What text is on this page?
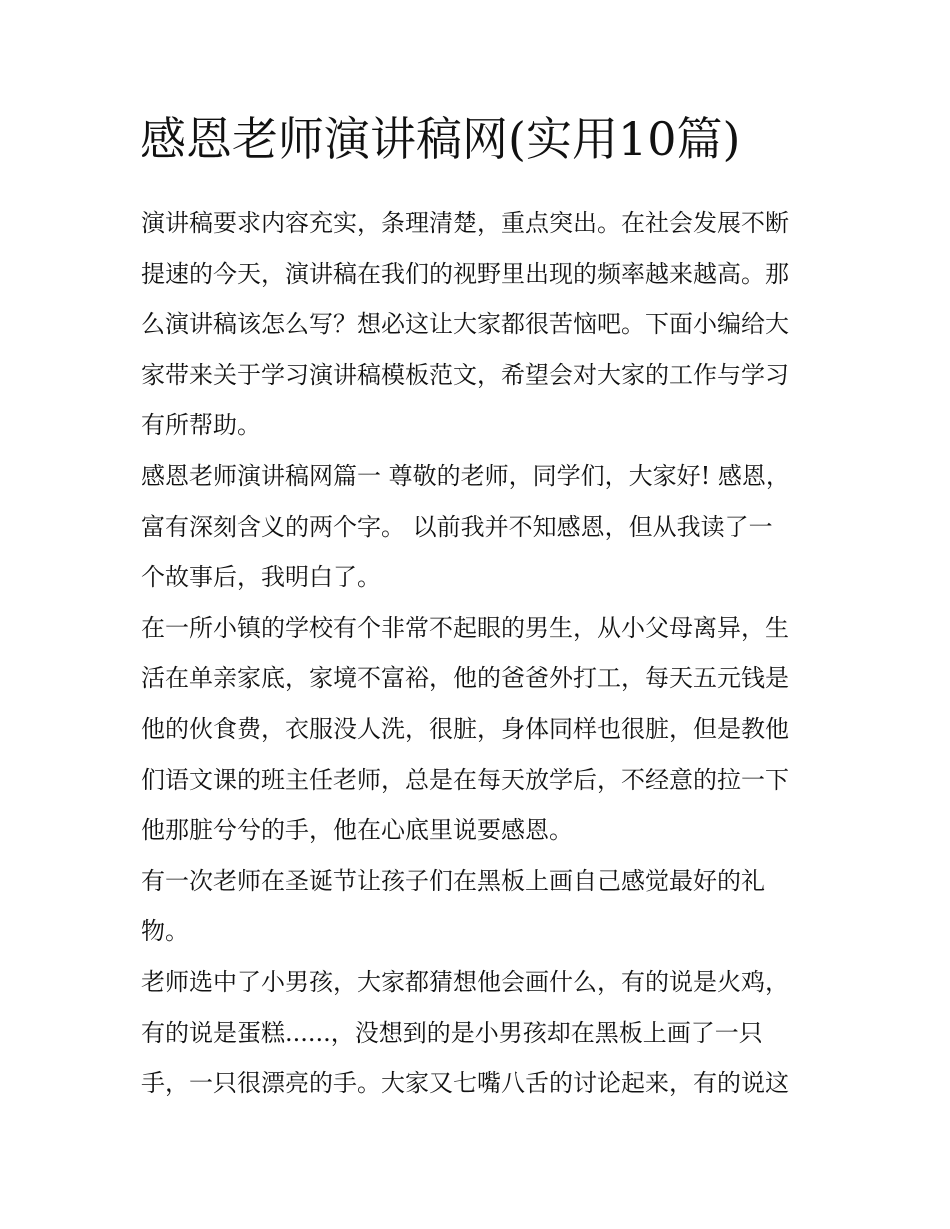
感恩老师演讲稿网(实用10篇)

演讲稿要求内容充实，条理清楚，重点突出。在社会发展不断
提速的今天，演讲稿在我们的视野里出现的频率越来越高。那
么演讲稿该怎么写？想必这让大家都很苦恼吧。下面小编给大
家带来关于学习演讲稿模板范文，希望会对大家的工作与学习
有所帮助。

感恩老师演讲稿网篇一 尊敬的老师，同学们，大家好! 感恩，
富有深刻含义的两个字。 以前我并不知感恩，但从我读了一
个故事后，我明白了。

在一所小镇的学校有个非常不起眼的男生，从小父母离异，生
活在单亲家底，家境不富裕，他的爸爸外打工，每天五元钱是
他的伙食费，衣服没人洗，很脏，身体同样也很脏，但是教他
们语文课的班主任老师，总是在每天放学后，不经意的拉一下
他那脏兮兮的手，他在心底里说要感恩。

有一次老师在圣诞节让孩子们在黑板上画自己感觉最好的礼
物。

老师选中了小男孩，大家都猜想他会画什么，有的说是火鸡，
有的说是蛋糕......，没想到的是小男孩却在黑板上画了一只
手，一只很漂亮的手。大家又七嘴八舌的讨论起来，有的说这
